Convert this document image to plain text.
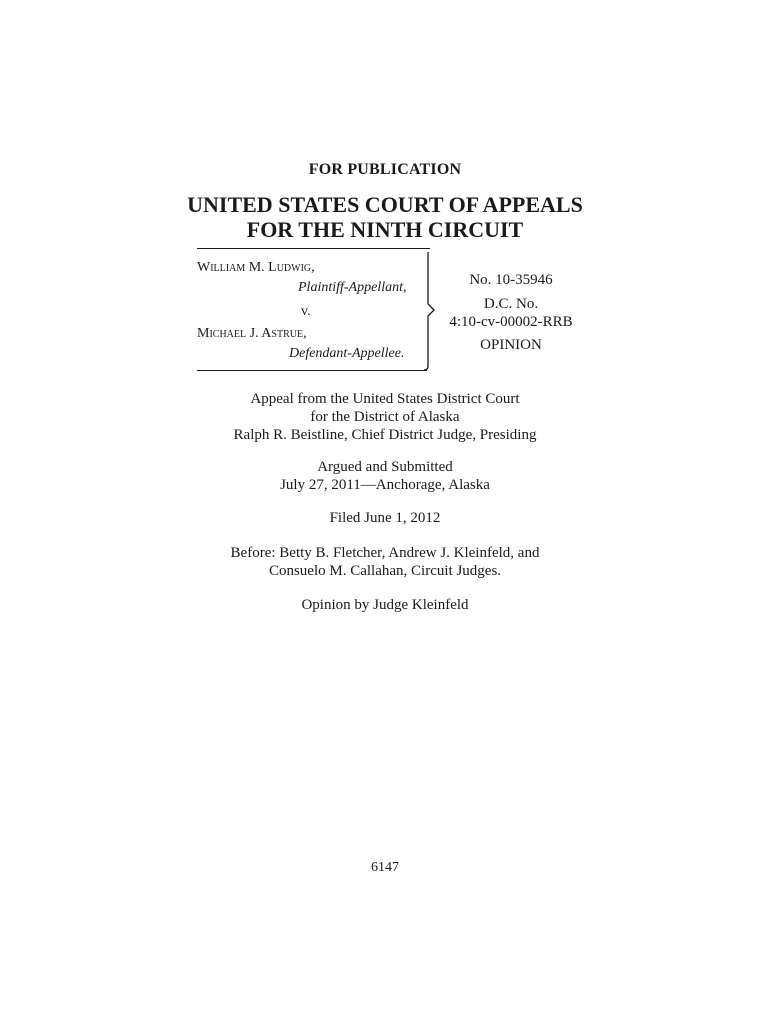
FOR PUBLICATION
UNITED STATES COURT OF APPEALS
FOR THE NINTH CIRCUIT
William M. Ludwig,
Plaintiff-Appellant,
v.
Michael J. Astrue,
Defendant-Appellee.
No. 10-35946
D.C. No.
4:10-cv-00002-RRB
OPINION
Appeal from the United States District Court
for the District of Alaska
Ralph R. Beistline, Chief District Judge, Presiding
Argued and Submitted
July 27, 2011—Anchorage, Alaska
Filed June 1, 2012
Before: Betty B. Fletcher, Andrew J. Kleinfeld, and
Consuelo M. Callahan, Circuit Judges.
Opinion by Judge Kleinfeld
6147
